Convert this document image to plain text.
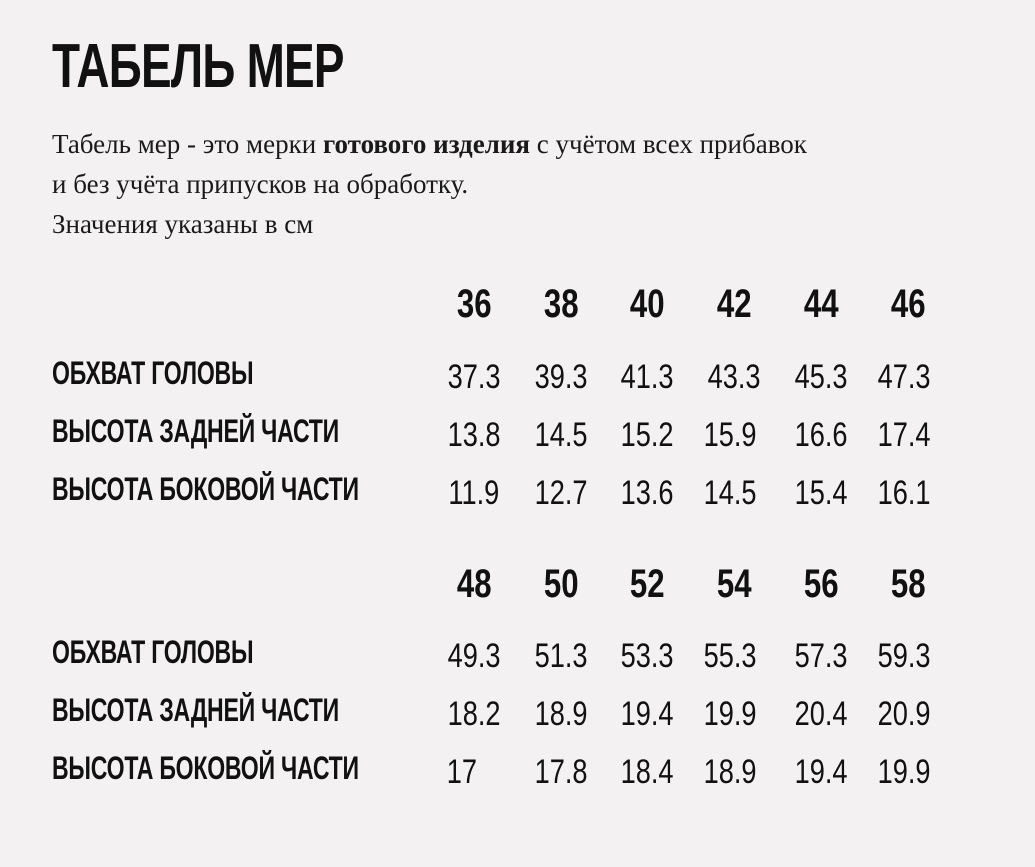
ТАБЕЛЬ МЕР
Табель мер - это мерки готового изделия с учётом всех прибавок
и без учёта припусков на обработку.
Значения указаны в см
36	38	40	42	44	46
ОБХВАТ ГОЛОВЫ	37.3	39.3 41.3	43.3	45.3 47.3
ВЫСОТА ЗАДНЕЙ ЧАСТИ	13.8	14.5 15.2 15.9	16.6 17.4
ВЫСОТА БОКОВОЙ ЧАСТИ	11.9	12.7 13.6 14.5	15.4 16.1
48	50	52	54	56	58
ОБХВАТ ГОЛОВЫ	49.3	51.3 53.3 55.3	57.3 59.3
ВЫСОТА ЗАДНЕЙ ЧАСТИ	18.2	18.9 19.4 19.9	20.4 20.9
ВЫСОТА БОКОВОЙ ЧАСТИ	17	17.8 18.4 18.9	19.4 19.9
